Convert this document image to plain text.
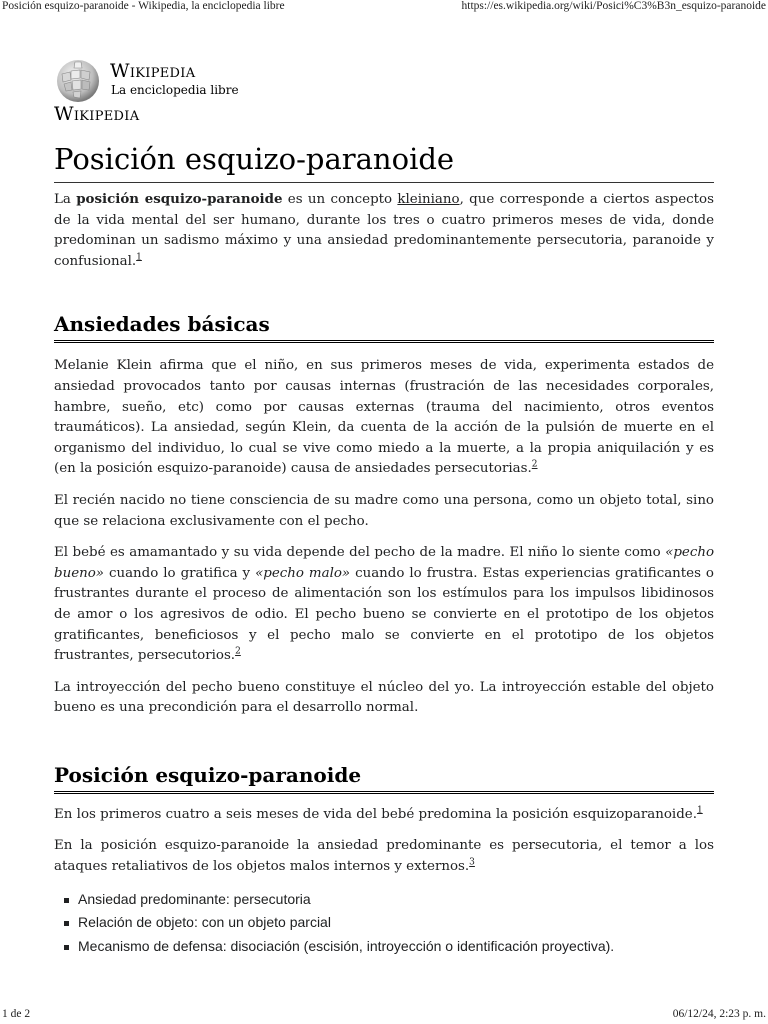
Posición esquizo-paranoide - Wikipedia, la enciclopedia libre	https://es.wikipedia.org/wiki/Posici%C3%B3n_esquizo-paranoide
Wikipedia
La enciclopedia libre
Wikipedia
Posición esquizo-paranoide

La posición esquizo-paranoide es un concepto kleiniano, que corresponde a ciertos aspectos de la vida mental del ser humano, durante los tres o cuatro primeros meses de vida, donde predominan un sadismo máximo y una ansiedad predominantemente persecutoria, paranoide y confusional.$^1$

Ansiedades básicas

Melanie Klein afirma que el niño, en sus primeros meses de vida, experimenta estados de ansiedad provocados tanto por causas internas (frustración de las necesidades corporales, hambre, sueño, etc) como por causas externas (trauma del nacimiento, otros eventos traumáticos). La ansiedad, según Klein, da cuenta de la acción de la pulsión de muerte en el organismo del individuo, lo cual se vive como miedo a la muerte, a la propia aniquilación y es (en la posición esquizo-paranoide) causa de ansiedades persecutorias.$^2$

El recién nacido no tiene consciencia de su madre como una persona, como un objeto total, sino que se relaciona exclusivamente con el pecho.

El bebé es amamantado y su vida depende del pecho de la madre. El niño lo siente como «pecho bueno» cuando lo gratifica y «pecho malo» cuando lo frustra. Estas experiencias gratificantes o frustrantes durante el proceso de alimentación son los estímulos para los impulsos libidinosos de amor o los agresivos de odio. El pecho bueno se convierte en el prototipo de los objetos gratificantes, beneficiosos y el pecho malo se convierte en el prototipo de los objetos frustrantes, persecutorios.$^2$

La introyección del pecho bueno constituye el núcleo del yo. La introyección estable del objeto bueno es una precondición para el desarrollo normal.

Posición esquizo-paranoide

En los primeros cuatro a seis meses de vida del bebé predomina la posición esquizoparanoide.$^1$

En la posición esquizo-paranoide la ansiedad predominante es persecutoria, el temor a los ataques retaliativos de los objetos malos internos y externos.$^3$

Ansiedad predominante: persecutoria
Relación de objeto: con un objeto parcial
Mecanismo de defensa: disociación (escisión, introyección o identificación proyectiva).
1 de 2	06/12/24, 2:23 p. m.
